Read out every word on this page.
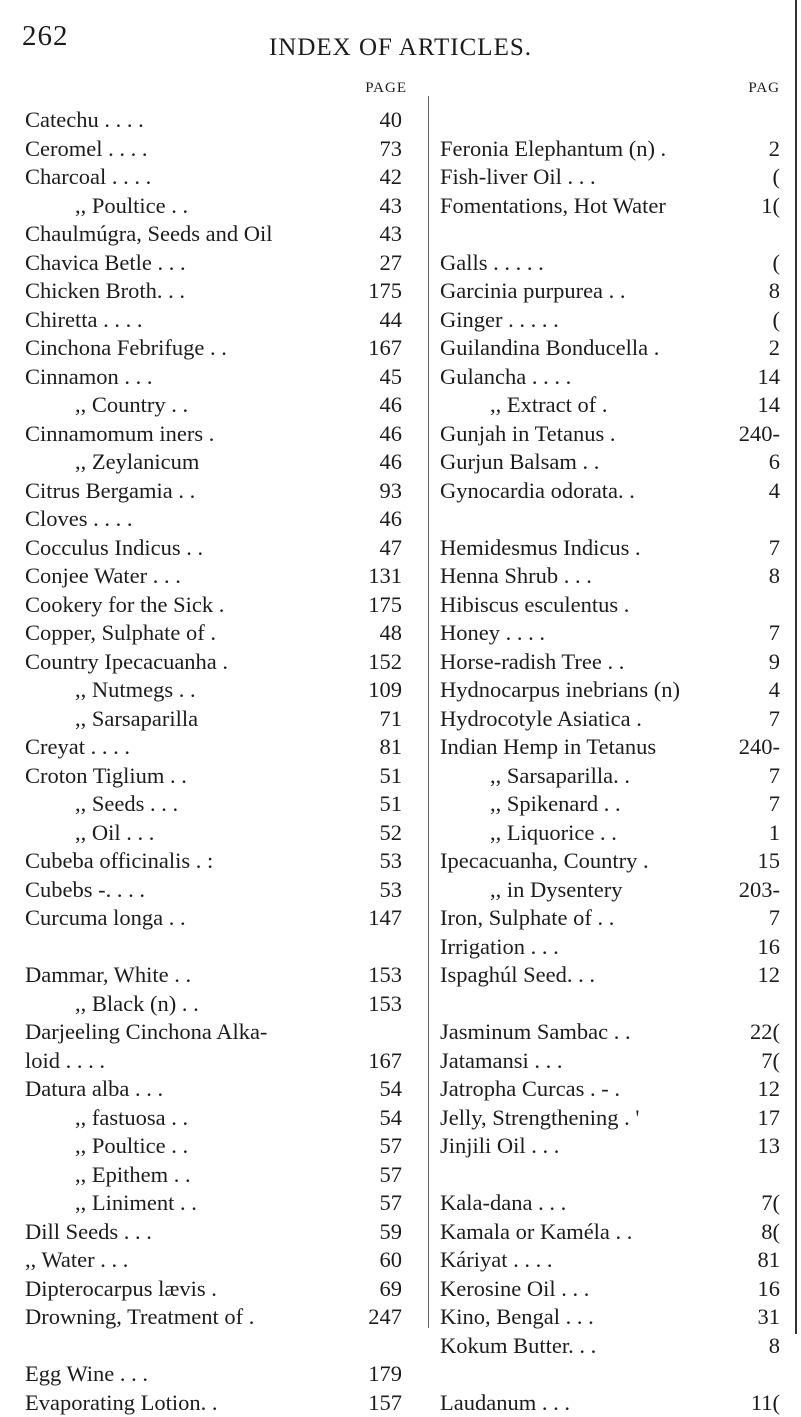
262	INDEX OF ARTICLES.
PAGE
Catechu . . . .	40
Ceromel . . . .	73
Charcoal . . . .	42
,, Poultice . .	43
Chaulmúgra, Seeds and Oil	43
Chavica Betle . . .	27
Chicken Broth. . .	175
Chiretta . . . .	44
Cinchona Febrifuge . .	167
Cinnamon . . .	45
,, Country . .	46
Cinnamomum iners .	46
,, Zeylanicum	46
Citrus Bergamia . .	93
Cloves . . . .	46
Cocculus Indicus . .	47
Conjee Water . . .	131
Cookery for the Sick .	175
Copper, Sulphate of .	48
Country Ipecacuanha .	152
,, Nutmegs . .	109
,, Sarsaparilla	71
Creyat . . . .	81
Croton Tiglium . .	51
,, Seeds . . .	51
,, Oil . . .	52
Cubeba officinalis . :	53
Cubebs -. . . .	53
Curcuma longa . .	147
Dammar, White . .	153
,, Black (n) . .	153
Darjeeling Cinchona Alka-
loid . . . .	167
Datura alba . . .	54
,, fastuosa . .	54
,, Poultice . .	57
,, Epithem . .	57
,, Liniment . .	57
Dill Seeds . . .	59
,, Water . . .	60
Dipterocarpus lævis .	69
Drowning, Treatment of .	247
Egg Wine . . .	179
Evaporating Lotion. .	157
PAG
Feronia Elephantum (n) .	2
Fish-liver Oil . . .	(
Fomentations, Hot Water	1(
Galls . . . . .	(
Garcinia purpurea . .	8
Ginger . . . . .	(
Guilandina Bonducella .	2
Gulancha . . . .	14
,, Extract of .	14
Gunjah in Tetanus .	240-
Gurjun Balsam . .	6
Gynocardia odorata. .	4
Hemidesmus Indicus .	7
Henna Shrub . . .	8
Hibiscus esculentus .
Honey . . . .	7
Horse-radish Tree . .	9
Hydnocarpus inebrians (n)	4
Hydrocotyle Asiatica .	7
Indian Hemp in Tetanus	240-
,, Sarsaparilla. .	7
,, Spikenard . .	7
,, Liquorice . .	1
Ipecacuanha, Country .	15
,, in Dysentery	203-
Iron, Sulphate of . .	7
Irrigation . . .	16
Ispaghúl Seed. . .	12
Jasminum Sambac . .	22(
Jatamansi . . .	7(
Jatropha Curcas . - .	12
Jelly, Strengthening . '	17
Jinjili Oil . . .	13
Kala-dana . . .	7(
Kamala or Kaméla . .	8(
Káriyat . . . .	81
Kerosine Oil . . .	16
Kino, Bengal . . .	31
Kokum Butter. . .	8
Laudanum . . .	11(
